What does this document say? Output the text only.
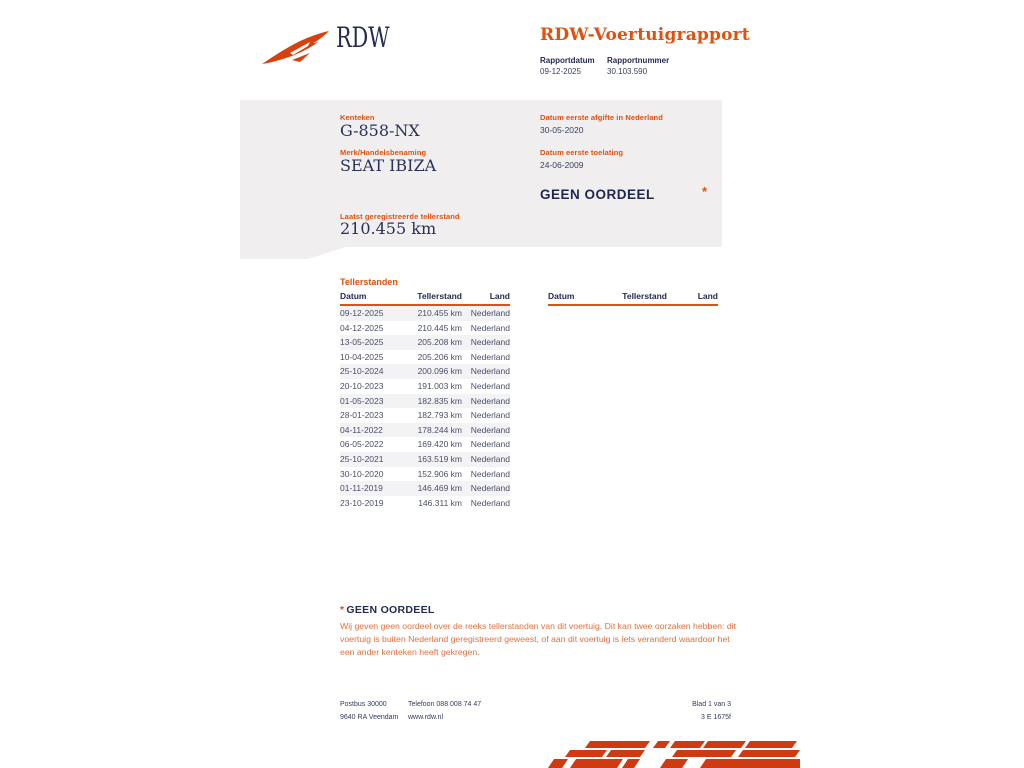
RDW	RDW-Voertuigrapport
Rapportdatum Rapportnummer
09-12-2025	30.103.590
Kenteken
G-858-NX
Merk/Handelsbenaming
SEAT IBIZA
Laatst geregistreerde tellerstand
210.455 km
Datum eerste afgifte in Nederland
30-05-2020
Datum eerste toelating
24-06-2009
GEEN OORDEEL	*
Tellerstanden
Datum	Tellerstand	Land
09-12-2025	210.455 km	Nederland
04-12-2025	210.445 km	Nederland
13-05-2025	205.208 km	Nederland
10-04-2025	205.206 km	Nederland
25-10-2024	200.096 km	Nederland
20-10-2023	191.003 km	Nederland
01-05-2023	182.835 km	Nederland
28-01-2023	182.793 km	Nederland
04-11-2022	178.244 km	Nederland
06-05-2022	169.420 km	Nederland
25-10-2021	163.519 km	Nederland
30-10-2020	152.906 km	Nederland
01-11-2019	146.469 km	Nederland
23-10-2019	146.311 km	Nederland
Datum	Tellerstand	Land
* GEEN OORDEEL
Wij geven geen oordeel over de reeks tellerstanden van dit voertuig. Dit kan twee oorzaken hebben: dit voertuig is buiten Nederland geregistreerd geweest, of aan dit voertuig is iets veranderd waardoor het een ander kenteken heeft gekregen.
Postbus 30000
9640 RA Veendam
Telefoon 088 008 74 47
www.rdw.nl
Blad 1 van 3
3 E 1675f
